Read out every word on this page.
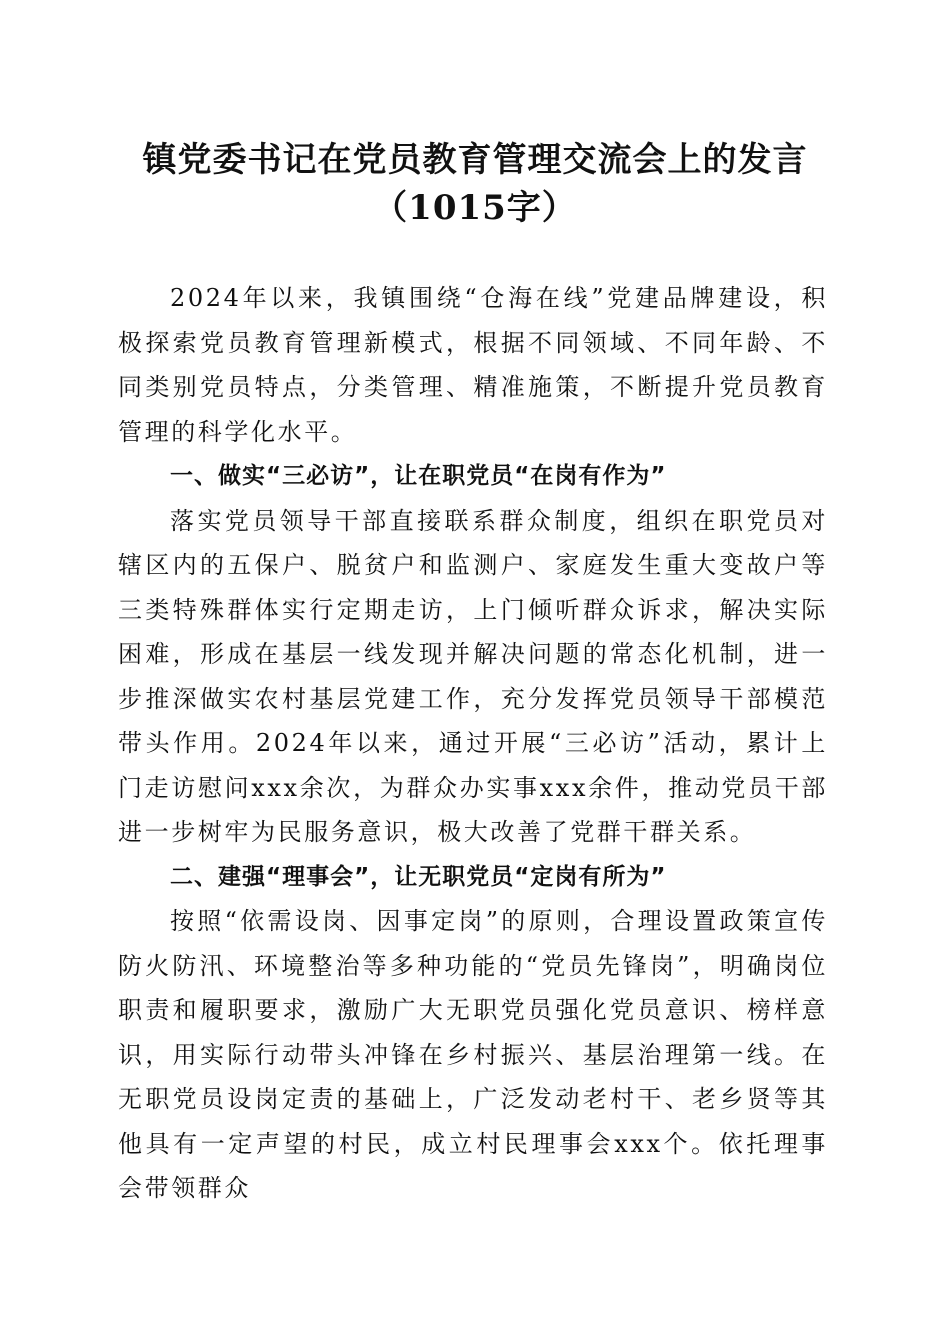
镇党委书记在党员教育管理交流会上的发言
（1015字）

2024年以来，我镇围绕“仓海在线”党建品牌建设，积极探索党员教育管理新模式，根据不同领域、不同年龄、不同类别党员特点，分类管理、精准施策，不断提升党员教育管理的科学化水平。

一、做实“三必访”，让在职党员“在岗有作为”

落实党员领导干部直接联系群众制度，组织在职党员对辖区内的五保户、脱贫户和监测户、家庭发生重大变故户等三类特殊群体实行定期走访，上门倾听群众诉求，解决实际困难，形成在基层一线发现并解决问题的常态化机制，进一步推深做实农村基层党建工作，充分发挥党员领导干部模范带头作用。2024年以来，通过开展“三必访”活动，累计上门走访慰问xxx余次，为群众办实事xxx余件，推动党员干部进一步树牢为民服务意识，极大改善了党群干群关系。

二、建强“理事会”，让无职党员“定岗有所为”

按照“依需设岗、因事定岗”的原则，合理设置政策宣传防火防汛、环境整治等多种功能的“党员先锋岗”，明确岗位职责和履职要求，激励广大无职党员强化党员意识、榜样意识，用实际行动带头冲锋在乡村振兴、基层治理第一线。在无职党员设岗定责的基础上，广泛发动老村干、老乡贤等其他具有一定声望的村民，成立村民理事会xxx个。依托理事会带领群众
